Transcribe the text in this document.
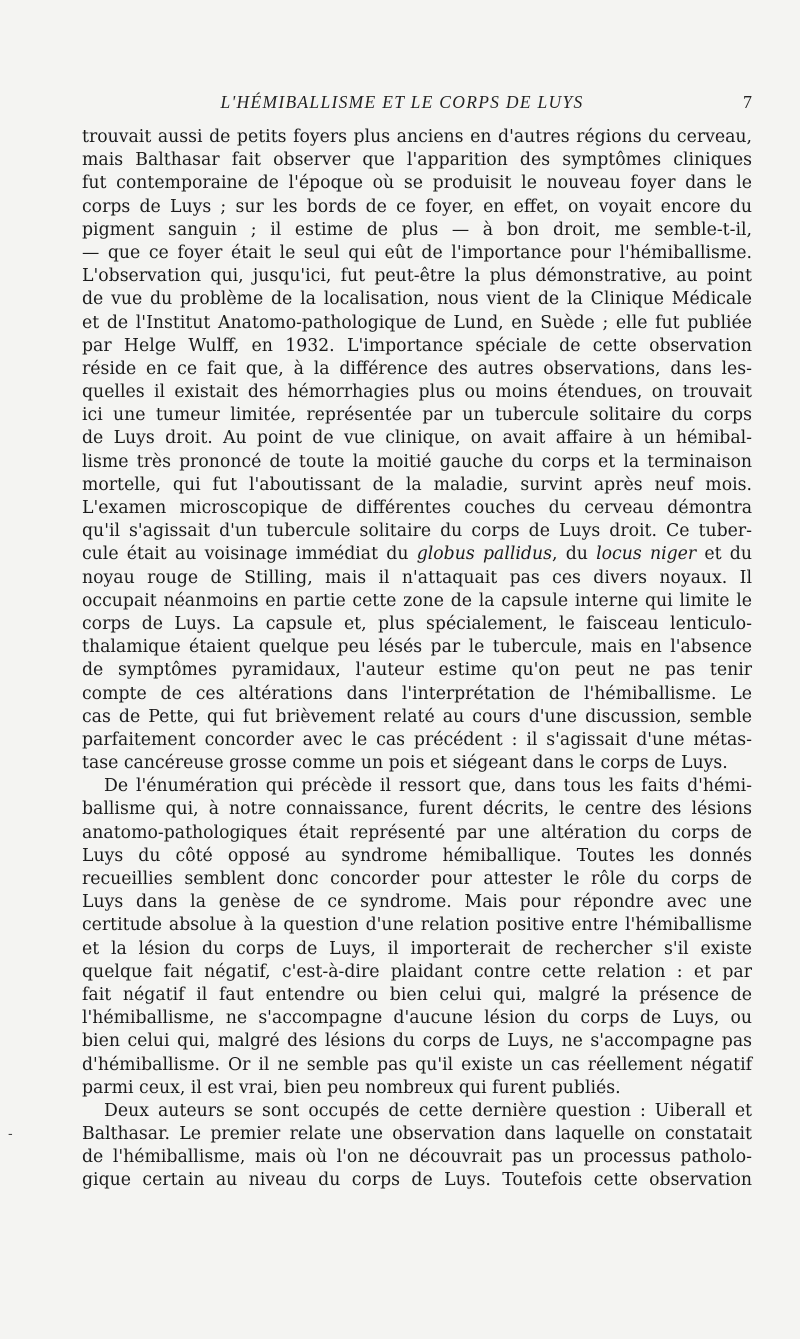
L'HÉMIBALLISME ET LE CORPS DE LUYS	7
-
trouvait aussi de petits foyers plus anciens en d'autres régions du cerveau,
mais Balthasar fait observer que l'apparition des symptômes cliniques
fut contemporaine de l'époque où se produisit le nouveau foyer dans le
corps de Luys ; sur les bords de ce foyer, en effet, on voyait encore du
pigment sanguin ; il estime de plus — à bon droit, me semble-t-il,
— que ce foyer était le seul qui eût de l'importance pour l'hémiballisme.
L'observation qui, jusqu'ici, fut peut-être la plus démonstrative, au point
de vue du problème de la localisation, nous vient de la Clinique Médicale
et de l'Institut Anatomo-pathologique de Lund, en Suède ; elle fut publiée
par Helge Wulff, en 1932. L'importance spéciale de cette observation
réside en ce fait que, à la différence des autres observations, dans les-
quelles il existait des hémorrhagies plus ou moins étendues, on trouvait
ici une tumeur limitée, représentée par un tubercule solitaire du corps
de Luys droit. Au point de vue clinique, on avait affaire à un hémibal-
lisme très prononcé de toute la moitié gauche du corps et la terminaison
mortelle, qui fut l'aboutissant de la maladie, survint après neuf mois.
L'examen microscopique de différentes couches du cerveau démontra
qu'il s'agissait d'un tubercule solitaire du corps de Luys droit. Ce tuber-
cule était au voisinage immédiat du globus pallidus, du locus niger et du
noyau rouge de Stilling, mais il n'attaquait pas ces divers noyaux. Il
occupait néanmoins en partie cette zone de la capsule interne qui limite le
corps de Luys. La capsule et, plus spécialement, le faisceau lenticulo-
thalamique étaient quelque peu lésés par le tubercule, mais en l'absence
de symptômes pyramidaux, l'auteur estime qu'on peut ne pas tenir
compte de ces altérations dans l'interprétation de l'hémiballisme. Le
cas de Pette, qui fut brièvement relaté au cours d'une discussion, semble
parfaitement concorder avec le cas précédent : il s'agissait d'une métas-
tase cancéreuse grosse comme un pois et siégeant dans le corps de Luys.
De l'énumération qui précède il ressort que, dans tous les faits d'hémi-
ballisme qui, à notre connaissance, furent décrits, le centre des lésions
anatomo-pathologiques était représenté par une altération du corps de
Luys du côté opposé au syndrome hémiballique. Toutes les donnés
recueillies semblent donc concorder pour attester le rôle du corps de
Luys dans la genèse de ce syndrome. Mais pour répondre avec une
certitude absolue à la question d'une relation positive entre l'hémiballisme
et la lésion du corps de Luys, il importerait de rechercher s'il existe
quelque fait négatif, c'est-à-dire plaidant contre cette relation : et par
fait négatif il faut entendre ou bien celui qui, malgré la présence de
l'hémiballisme, ne s'accompagne d'aucune lésion du corps de Luys, ou
bien celui qui, malgré des lésions du corps de Luys, ne s'accompagne pas
d'hémiballisme. Or il ne semble pas qu'il existe un cas réellement négatif
parmi ceux, il est vrai, bien peu nombreux qui furent publiés.
Deux auteurs se sont occupés de cette dernière question : Uiberall et
Balthasar. Le premier relate une observation dans laquelle on constatait
de l'hémiballisme, mais où l'on ne découvrait pas un processus patholo-
gique certain au niveau du corps de Luys. Toutefois cette observation
